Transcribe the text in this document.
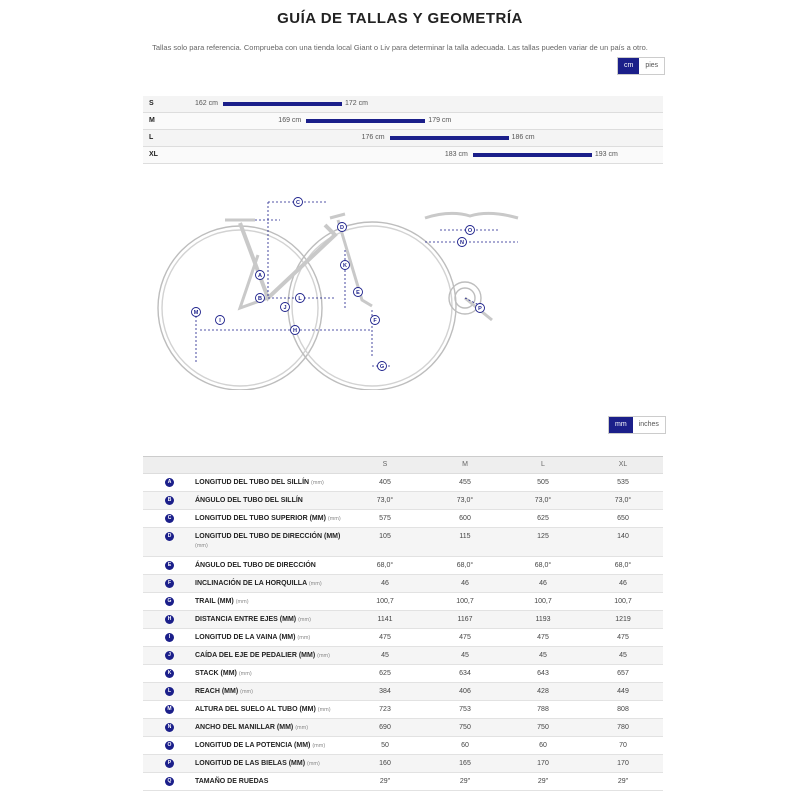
GUÍA DE TALLAS Y GEOMETRÍA
Tallas solo para referencia. Comprueba con una tienda local Giant o Liv para determinar la talla adecuada. Las tallas pueden variar de un país a otro.
cm	pies
S	162 cm	172 cm
M	169 cm	179 cm
L	176 cm	186 cm
XL	183 cm	193 cm
A
B
C
D
E
F
G
H
I
J
K
L
M
N
O
P
mm	inches
S	M	L	XL
A	LONGITUD DEL TUBO DEL SILLÍN (mm)	405	455	505	535
B	ÁNGULO DEL TUBO DEL SILLÍN	73,0°	73,0°	73,0°	73,0°
C	LONGITUD DEL TUBO SUPERIOR (MM) (mm)	575	600	625	650
D	LONGITUD DEL TUBO DE DIRECCIÓN (MM)
(mm)
105	115	125	140
E	ÁNGULO DEL TUBO DE DIRECCIÓN	68,0°	68,0°	68,0°	68,0°
F	INCLINACIÓN DE LA HORQUILLA (mm)	46	46	46	46
G	TRAIL (MM) (mm)	100,7	100,7	100,7	100,7
H	DISTANCIA ENTRE EJES (MM) (mm)	1141	1167	1193	1219
I	LONGITUD DE LA VAINA (MM) (mm)	475	475	475	475
J	CAÍDA DEL EJE DE PEDALIER (MM) (mm)	45	45	45	45
K	STACK (MM) (mm)	625	634	643	657
L	REACH (MM) (mm)	384	406	428	449
M	ALTURA DEL SUELO AL TUBO (MM) (mm)	723	753	788	808
N	ANCHO DEL MANILLAR (MM) (mm)	690	750	750	780
O	LONGITUD DE LA POTENCIA (MM) (mm)	50	60	60	70
P	LONGITUD DE LAS BIELAS (MM) (mm)	160	165	170	170
Q	TAMAÑO DE RUEDAS	29"	29"	29"	29"
